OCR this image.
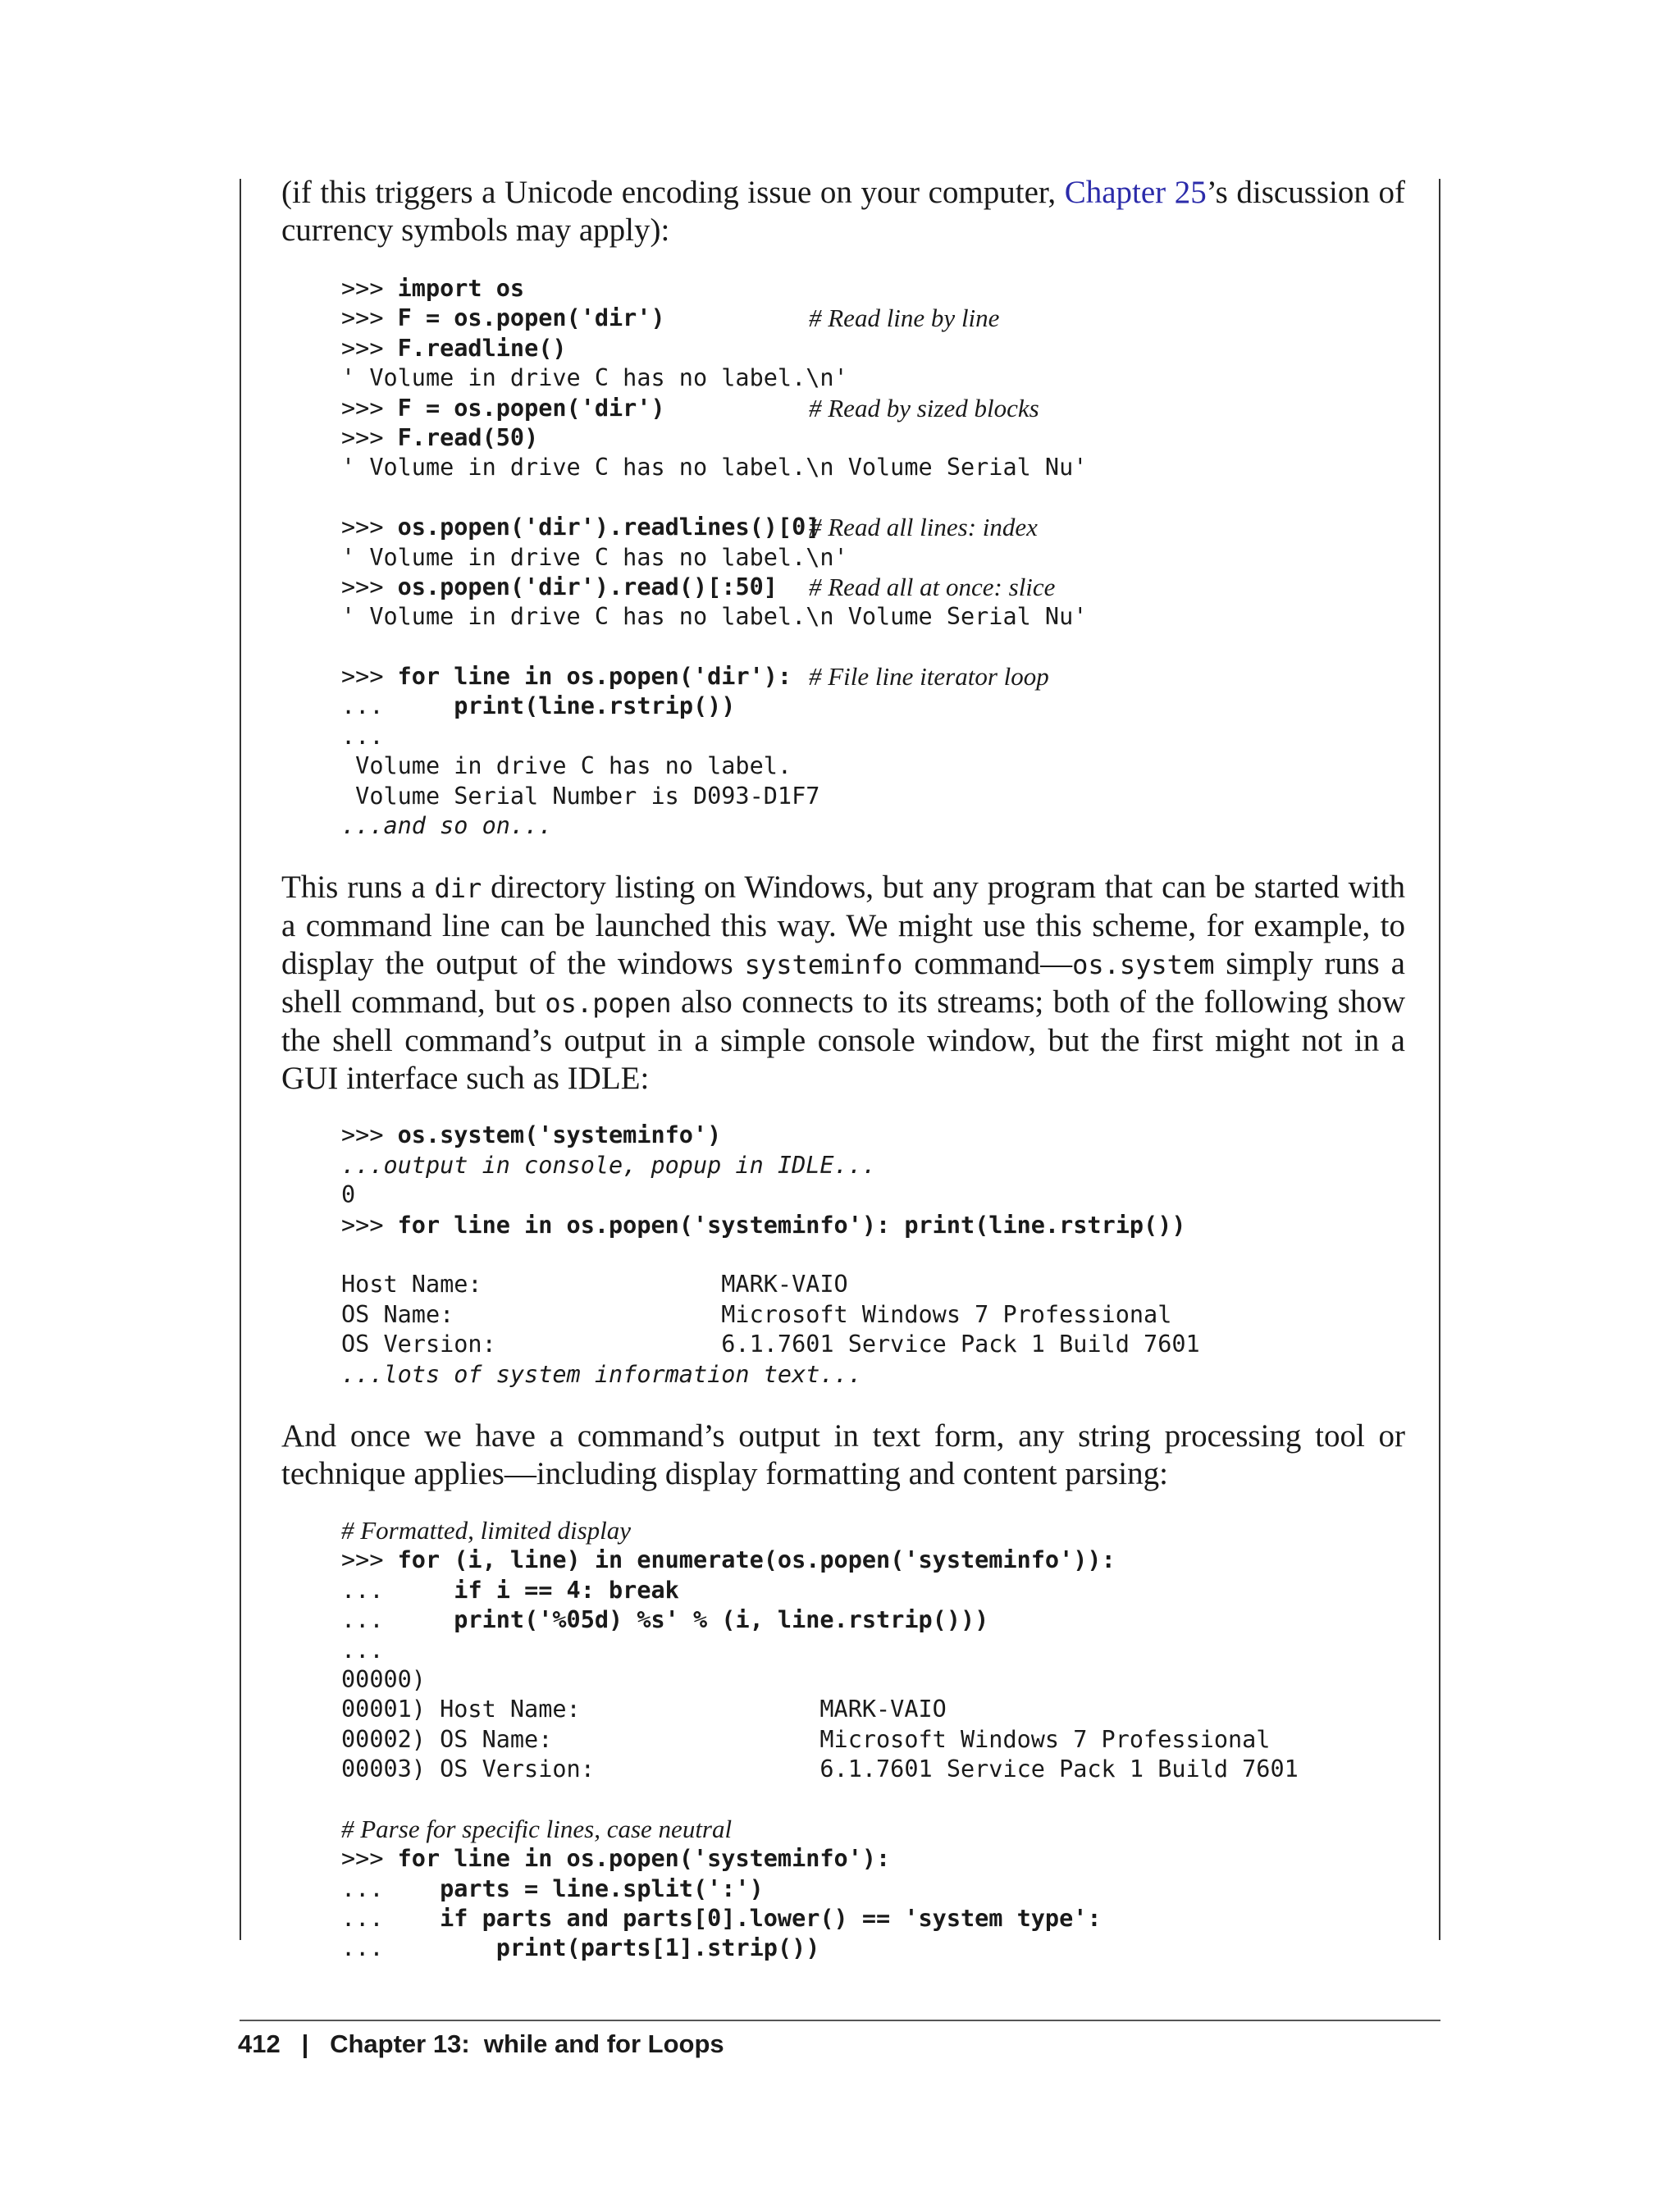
(if this triggers a Unicode encoding issue on your computer, Chapter 25’s discussion of currency symbols may apply):

>>> import os
>>> F = os.popen('dir')	# Read line by line
>>> F.readline()
' Volume in drive C has no label.\n'
>>> F = os.popen('dir')	# Read by sized blocks
>>> F.read(50)
' Volume in drive C has no label.\n Volume Serial Nu'
>>> os.popen('dir').readlines()[0]
# Read all lines: index
' Volume in drive C has no label.\n'
>>> os.popen('dir').read()[:50] # Read all at once: slice
' Volume in drive C has no label.\n Volume Serial Nu'
>>> for line in os.popen('dir'): # File line iterator loop
...     print(line.rstrip())
...
Volume in drive C has no label.
Volume Serial Number is D093-D1F7
...and so on...

This runs a dir directory listing on Windows, but any program that can be started with a command line can be launched this way. We might use this scheme, for example, to display the output of the windows systeminfo command—os.system simply runs a shell command, but os.popen also connects to its streams; both of the following show the shell command’s output in a simple console window, but the first might not in a GUI interface such as IDLE:

>>> os.system('systeminfo')
...output in console, popup in IDLE...
0
>>> for line in os.popen('systeminfo'): print(line.rstrip())
Host Name:                 MARK-VAIO
OS Name:                   Microsoft Windows 7 Professional
OS Version:                6.1.7601 Service Pack 1 Build 7601
...lots of system information text...

And once we have a command’s output in text form, any string processing tool or technique applies—including display formatting and content parsing:

# Formatted, limited display
>>> for (i, line) in enumerate(os.popen('systeminfo')):
...     if i == 4: break
...     print('%05d) %s' % (i, line.rstrip()))
...
00000)
00001) Host Name:                 MARK-VAIO
00002) OS Name:                   Microsoft Windows 7 Professional
00003) OS Version:                6.1.7601 Service Pack 1 Build 7601
# Parse for specific lines, case neutral
>>> for line in os.popen('systeminfo'):
...    parts = line.split(':')
...    if parts and parts[0].lower() == 'system type':
...        print(parts[1].strip())
412 | Chapter 13:  while and for Loops
